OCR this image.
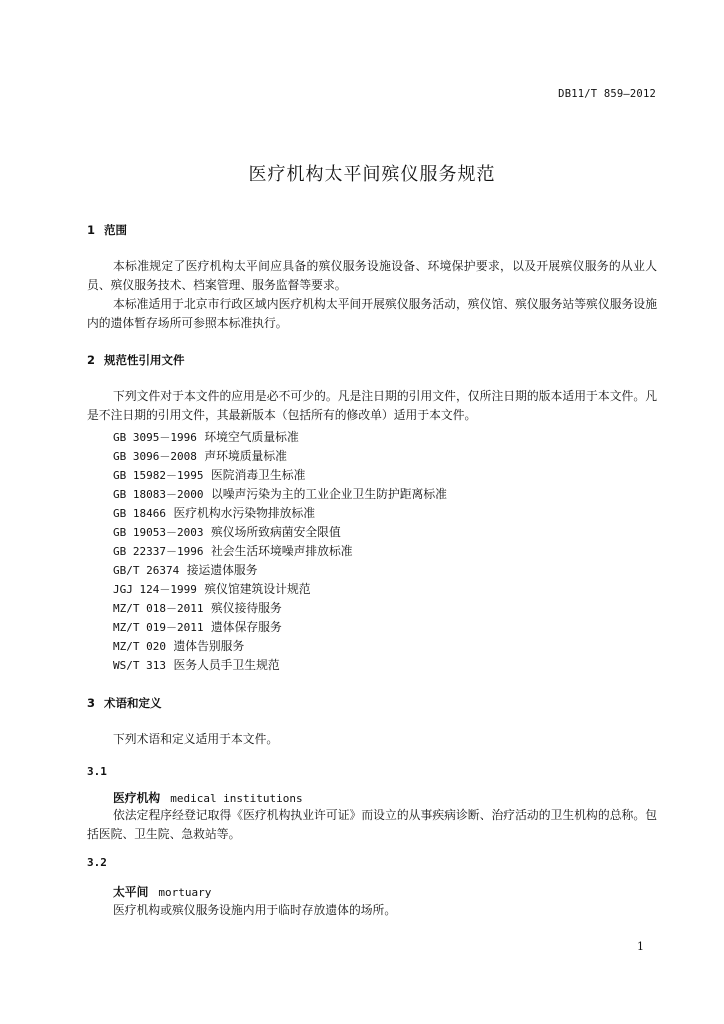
DB11/T 859—2012
医疗机构太平间殡仪服务规范
1 范围
本标准规定了医疗机构太平间应具备的殡仪服务设施设备、环境保护要求，以及开展殡仪服务的从业人员、殡仪服务技术、档案管理、服务监督等要求。
本标准适用于北京市行政区域内医疗机构太平间开展殡仪服务活动，殡仪馆、殡仪服务站等殡仪服务设施内的遗体暂存场所可参照本标准执行。
2 规范性引用文件
下列文件对于本文件的应用是必不可少的。凡是注日期的引用文件，仅所注日期的版本适用于本文件。凡是不注日期的引用文件，其最新版本（包括所有的修改单）适用于本文件。
GB 3095－1996 环境空气质量标准
GB 3096－2008 声环境质量标准
GB 15982－1995 医院消毒卫生标准
GB 18083－2000 以噪声污染为主的工业企业卫生防护距离标准
GB 18466 医疗机构水污染物排放标准
GB 19053－2003 殡仪场所致病菌安全限值
GB 22337－1996 社会生活环境噪声排放标准
GB/T 26374 接运遗体服务
JGJ 124－1999 殡仪馆建筑设计规范
MZ/T 018－2011 殡仪接待服务
MZ/T 019－2011 遗体保存服务
MZ/T 020 遗体告别服务
WS/T 313 医务人员手卫生规范
3 术语和定义
下列术语和定义适用于本文件。
3.1
医疗机构 medical institutions
依法定程序经登记取得《医疗机构执业许可证》而设立的从事疾病诊断、治疗活动的卫生机构的总称。包括医院、卫生院、急救站等。
3.2
太平间 mortuary
医疗机构或殡仪服务设施内用于临时存放遗体的场所。
1
